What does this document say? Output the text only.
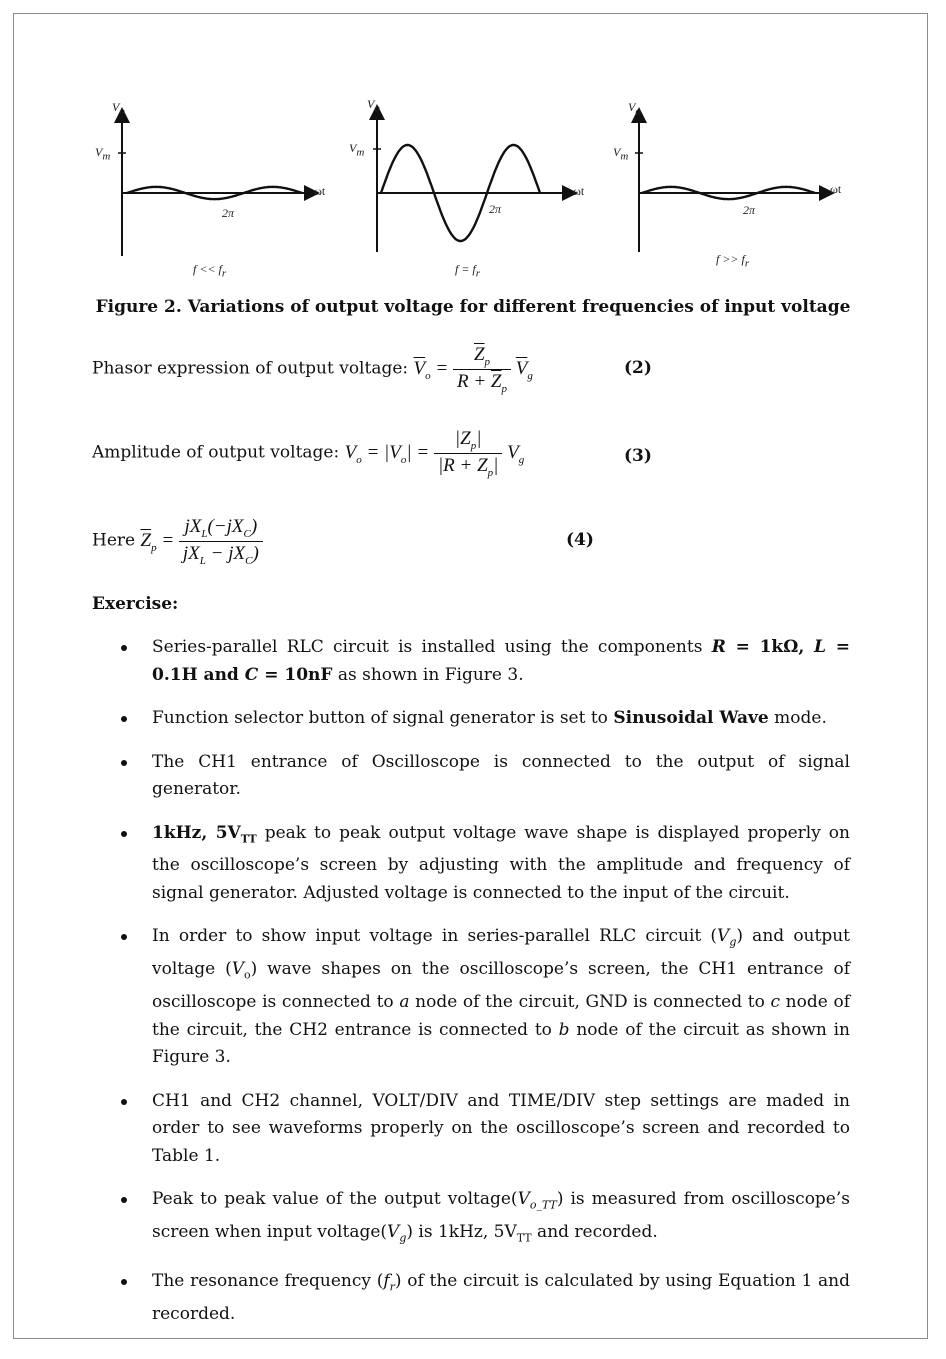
$V_o$
$V_m$
ωt
2π
$f << f_r$
$V_o$
$V_m$
ωt
2π
$f = f_r$
$V_o$
$V_m$
ωt
2π
$f >> f_r$
Figure 2. Variations of output voltage for different frequencies of input voltage
Phasor expression of output voltage: $\overline{V}_o = \frac{\overline{Z}_p}{R + \overline{Z}_p} \overline{V}_g$	(2)
Amplitude of output voltage: $V_o = |V_o| = \frac{|Z_p|}{|R + Z_p|} V_g$	(3)
Here $\overline{Z}_p = \frac{jX_L(-jX_C)}{jX_L - jX_C)}$	(4)
Exercise:
Series-parallel RLC circuit is installed using the components R = 1kΩ, L = 0.1H and C = 10nF as shown in Figure 3.
Function selector button of signal generator is set to Sinusoidal Wave mode.
The CH1 entrance of Oscilloscope is connected to the output of signal generator.
1kHz, $5V_{TT}$ peak to peak output voltage wave shape is displayed properly on the oscilloscope’s screen by adjusting with the amplitude and frequency of signal generator. Adjusted voltage is connected to the input of the circuit.
In order to show input voltage in series-parallel RLC circuit $(V_g)$ and output voltage $(V_o)$ wave shapes on the oscilloscope’s screen, the CH1 entrance of oscilloscope is connected to a node of the circuit, GND is connected to c node of the circuit, the CH2 entrance is connected to b node of the circuit as shown in Figure 3.
CH1 and CH2 channel, VOLT/DIV and TIME/DIV step settings are maded in order to see waveforms properly on the oscilloscope’s screen and recorded to Table 1.
Peak to peak value of the output $voltage(V_{o\_TT})$ is measured from oscilloscope’s screen when input $voltage(V_g)$ is 1kHz, $5V_{TT}$ and recorded.
The resonance frequency $(f_r)$ of the circuit is calculated by using Equation 1 and recorded.
